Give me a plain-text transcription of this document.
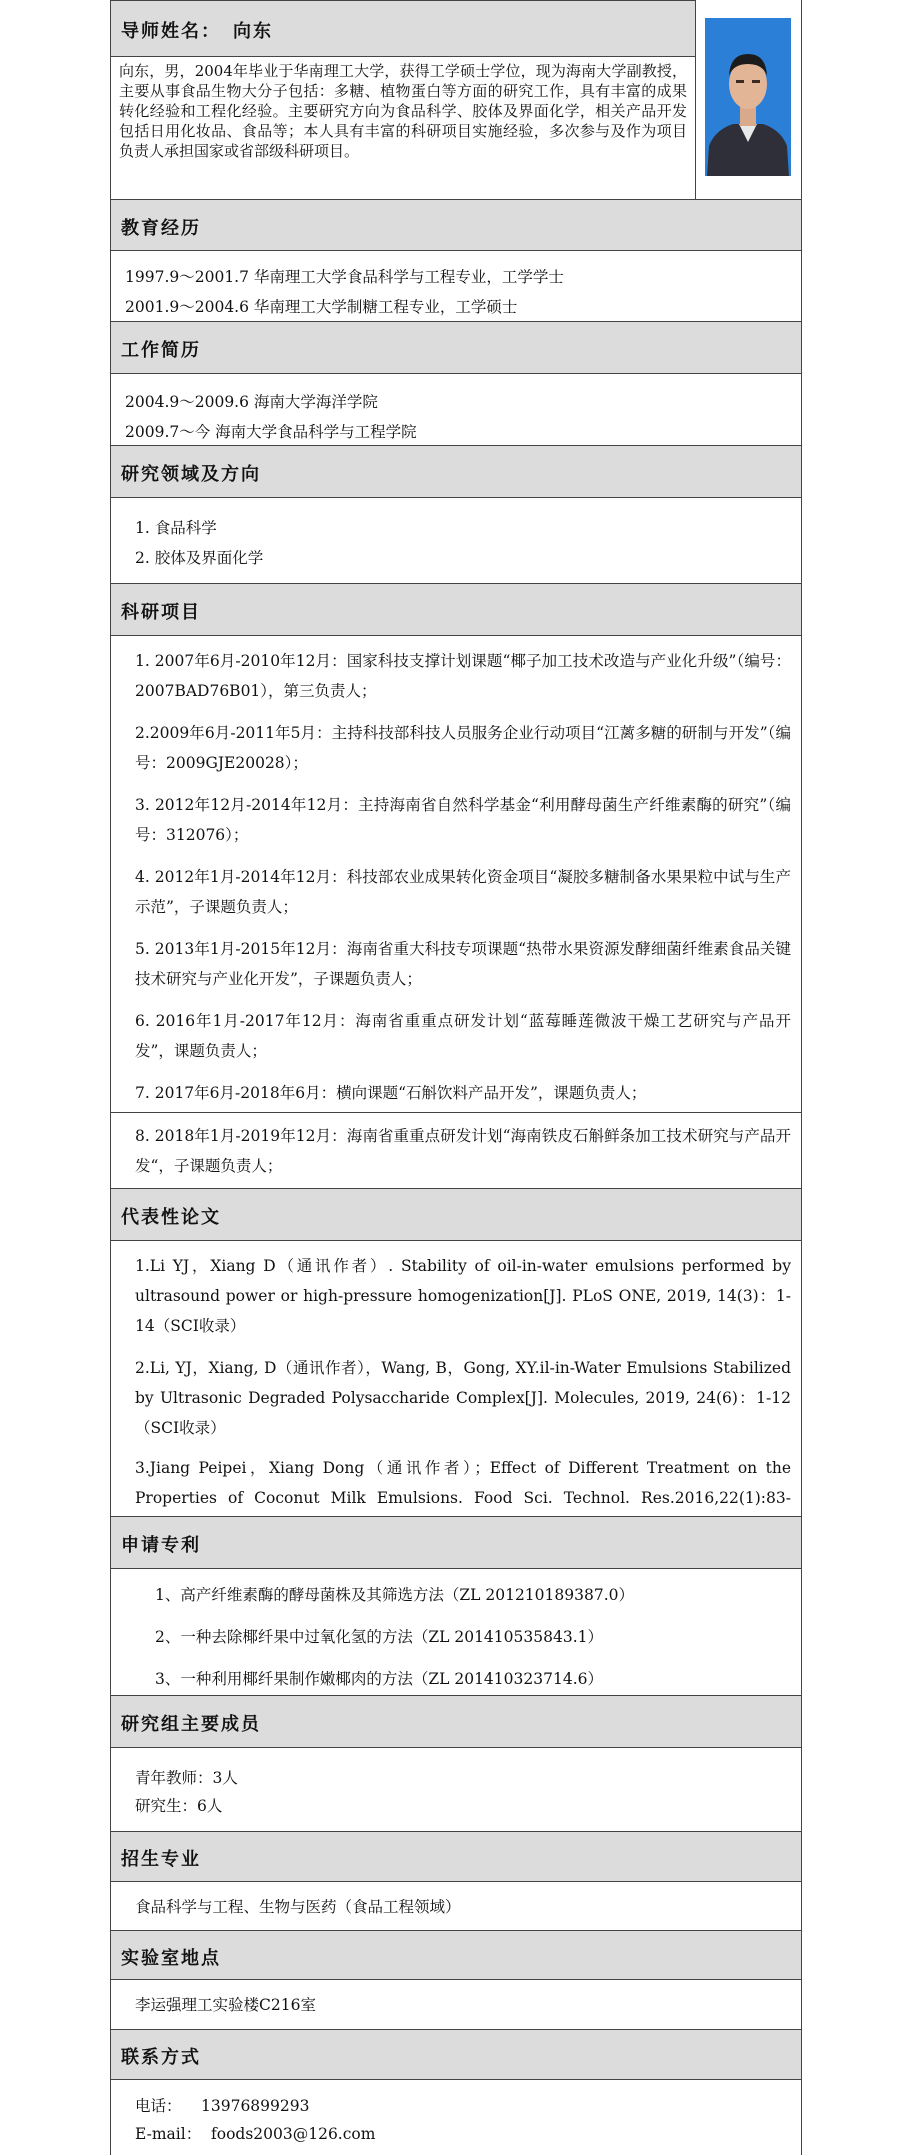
导师姓名： 向东
向东，男，2004年毕业于华南理工大学，获得工学硕士学位，现为海南大学副教授，主要从事食品生物大分子包括：多糖、植物蛋白等方面的研究工作，具有丰富的成果转化经验和工程化经验。主要研究方向为食品科学、胶体及界面化学，相关产品开发包括日用化妆品、食品等；本人具有丰富的科研项目实施经验，多次参与及作为项目负责人承担国家或省部级科研项目。
教育经历
1997.9～2001.7 华南理工大学食品科学与工程专业，工学学士
2001.9～2004.6 华南理工大学制糖工程专业，工学硕士
工作简历
2004.9～2009.6 海南大学海洋学院
2009.7～今 海南大学食品科学与工程学院
研究领域及方向
1. 食品科学
2. 胶体及界面化学
科研项目
1. 2007年6月-2010年12月：国家科技支撑计划课题“椰子加工技术改造与产业化升级”（编号：2007BAD76B01），第三负责人；
2.2009年6月-2011年5月：主持科技部科技人员服务企业行动项目“江蓠多糖的研制与开发”（编号：2009GJE20028）；
3. 2012年12月-2014年12月：主持海南省自然科学基金“利用酵母菌生产纤维素酶的研究”（编号：312076）；
4. 2012年1月-2014年12月：科技部农业成果转化资金项目“凝胶多糖制备水果果粒中试与生产示范”，子课题负责人；
5. 2013年1月-2015年12月：海南省重大科技专项课题“热带水果资源发酵细菌纤维素食品关键技术研究与产业化开发”，子课题负责人；
6. 2016年1月-2017年12月：海南省重重点研发计划“蓝莓睡莲微波干燥工艺研究与产品开发”，课题负责人；
7. 2017年6月-2018年6月：横向课题“石斛饮料产品开发”，课题负责人；
8. 2018年1月-2019年12月：海南省重重点研发计划“海南铁皮石斛鲜条加工技术研究与产品开发“，子课题负责人；
代表性论文
1.Li YJ，Xiang D（通讯作者）. Stability of oil-in-water emulsions performed by ultrasound power or high-pressure homogenization[J]. PLoS ONE, 2019, 14(3)：1-14（SCI收录）
2.Li, YJ，Xiang, D（通讯作者），Wang, B，Gong, XY.il-in-Water Emulsions Stabilized by Ultrasonic Degraded Polysaccharide Complex[J]. Molecules, 2019, 24(6)：1-12（SCI收录）
3.Jiang Peipei，Xiang Dong（通讯作者）；Effect of Different Treatment on the Properties of Coconut Milk Emulsions. Food Sci. Technol. Res.2016,22(1):83-
申请专利
1、高产纤维素酶的酵母菌株及其筛选方法（ZL 201210189387.0）
2、一种去除椰纤果中过氧化氢的方法（ZL 201410535843.1）
3、一种利用椰纤果制作嫩椰肉的方法（ZL 201410323714.6）
研究组主要成员
青年教师：3人
研究生：6人
招生专业
食品科学与工程、生物与医药（食品工程领域）
实验室地点
李运强理工实验楼C216室
联系方式
电话： 13976899293
E-mail： foods2003@126.com
